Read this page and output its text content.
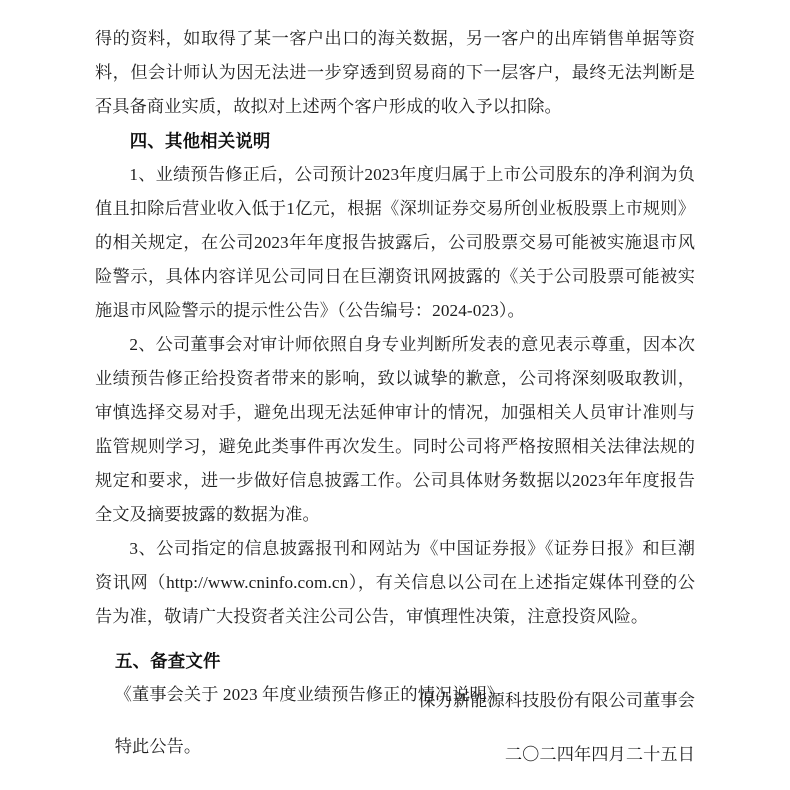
得的资料，如取得了某一客户出口的海关数据，另一客户的出库销售单据等资料，但会计师认为因无法进一步穿透到贸易商的下一层客户，最终无法判断是否具备商业实质，故拟对上述两个客户形成的收入予以扣除。

四、其他相关说明

1、业绩预告修正后，公司预计2023年度归属于上市公司股东的净利润为负值且扣除后营业收入低于1亿元，根据《深圳证券交易所创业板股票上市规则》的相关规定，在公司2023年年度报告披露后，公司股票交易可能被实施退市风险警示，具体内容详见公司同日在巨潮资讯网披露的《关于公司股票可能被实施退市风险警示的提示性公告》（公告编号：2024-023）。

2、公司董事会对审计师依照自身专业判断所发表的意见表示尊重，因本次业绩预告修正给投资者带来的影响，致以诚挚的歉意，公司将深刻吸取教训，审慎选择交易对手，避免出现无法延伸审计的情况，加强相关人员审计准则与监管规则学习，避免此类事件再次发生。同时公司将严格按照相关法律法规的规定和要求，进一步做好信息披露工作。公司具体财务数据以2023年年度报告全文及摘要披露的数据为准。

3、公司指定的信息披露报刊和网站为《中国证券报》《证券日报》和巨潮资讯网（http://www.cninfo.com.cn），有关信息以公司在上述指定媒体刊登的公告为准，敬请广大投资者关注公司公告，审慎理性决策，注意投资风险。

五、备查文件

《董事会关于 2023 年度业绩预告修正的情况说明》

特此公告。

保力新能源科技股份有限公司董事会
二〇二四年四月二十五日
